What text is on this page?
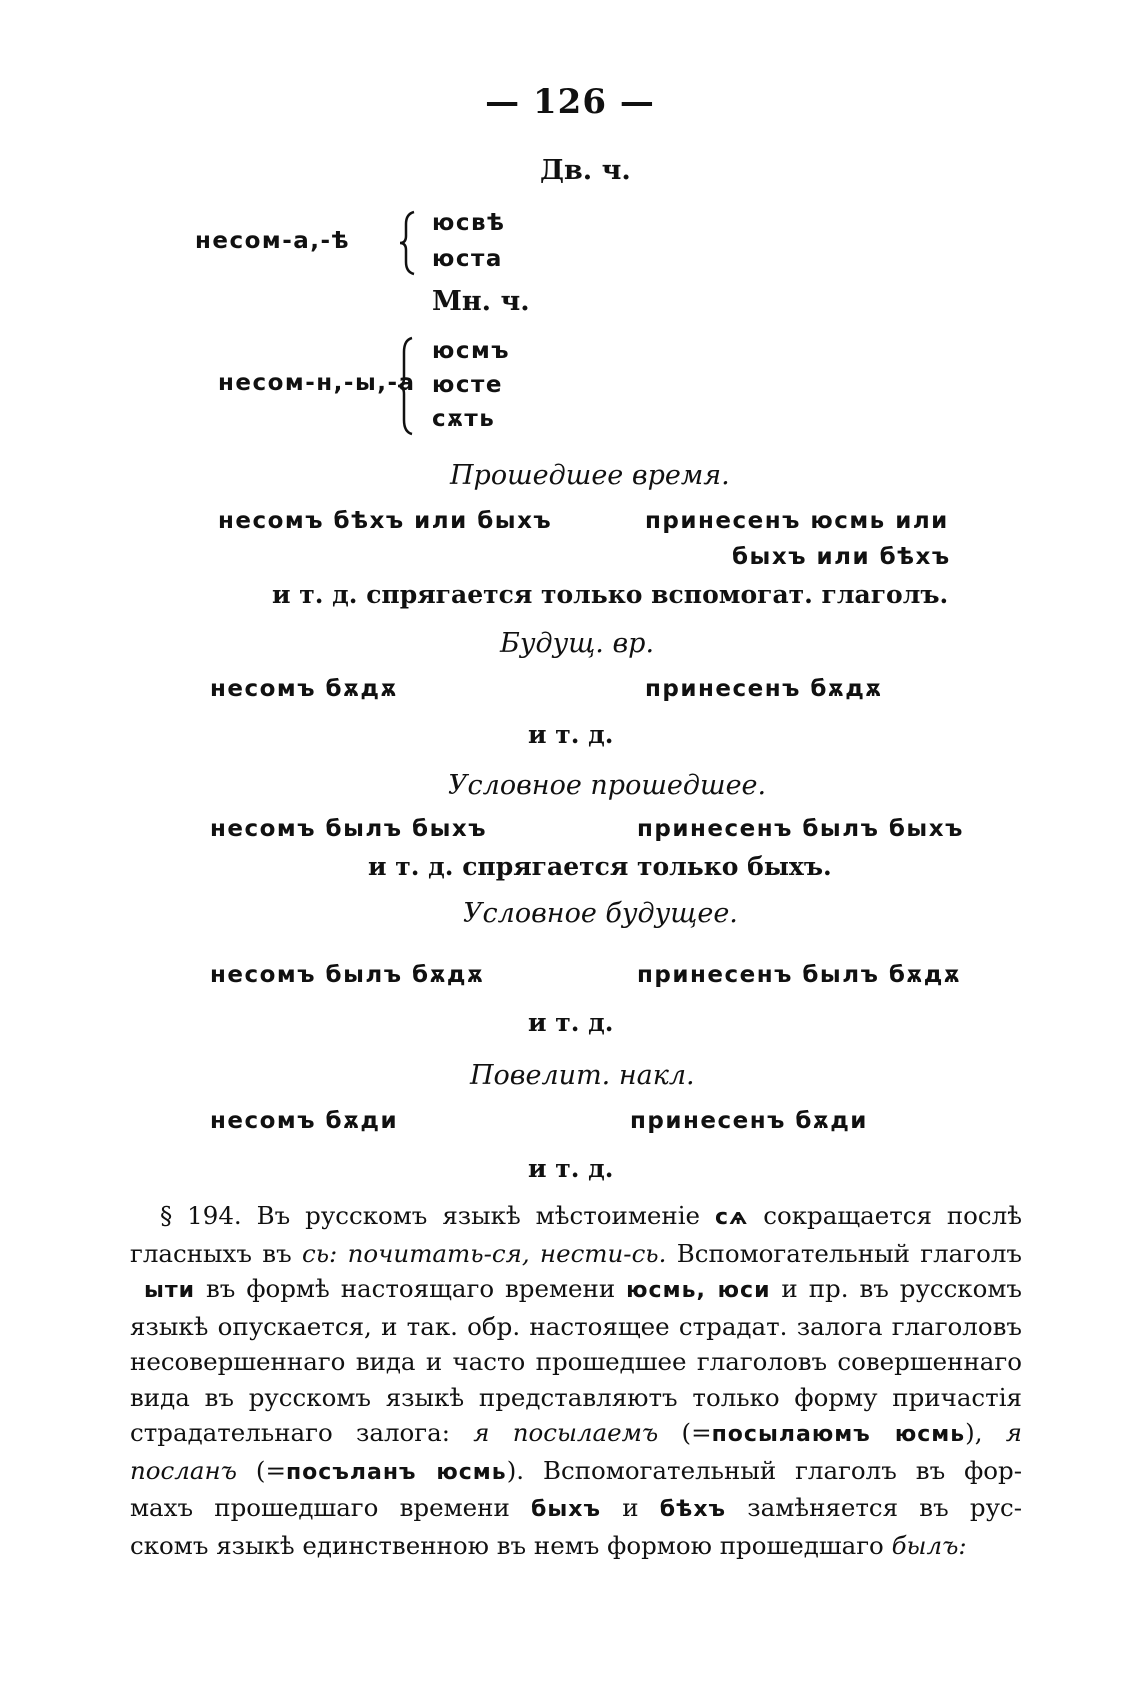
— 126 —
Дв. ч.
несом-а,-ѣ
юсвѣ
юста
Мн. ч.
несом-н,-ы,-а
юсмъ
юсте
сѫть
Прошедшее время.
несомъ бѣхъ или быхъ	принесенъ юсмь или
быхъ или бѣхъ
и т. д. спрягается только вспомогат. глаголъ.
Будущ. вр.
несомъ бѫдѫ	принесенъ бѫдѫ
и т. д.
Условное прошедшее.
несомъ былъ быхъ	принесенъ былъ быхъ
и т. д. спрягается только быхъ.
Условное будущее.
несомъ былъ бѫдѫ	принесенъ былъ бѫдѫ
и т. д.
Повелит. накл.
несомъ бѫди	принесенъ бѫди
и т. д.
§ 194. Въ русскомъ языкѣ мѣстоименіе сѧ сокращается послѣ
гласныхъ въ сь: почитать-ся, нести-сь. Вспомогательный глаголъ
ыти въ формѣ настоящаго времени юсмь, юси и пр. въ русскомъ
языкѣ опускается, и так. обр. настоящее страдат. залога глаголовъ
несовершеннаго вида и часто прошедшее глаголовъ совершеннаго
вида въ русскомъ языкѣ представляютъ только форму причастія
страдательнаго залога: я посылаемъ (=посылаюмъ юсмь), я
посланъ (=посъланъ юсмь). Вспомогательный глаголъ въ фор-
махъ прошедшаго времени быхъ и бѣхъ замѣняется въ рус-
скомъ языкѣ единственною въ немъ формою прошедшаго былъ:
